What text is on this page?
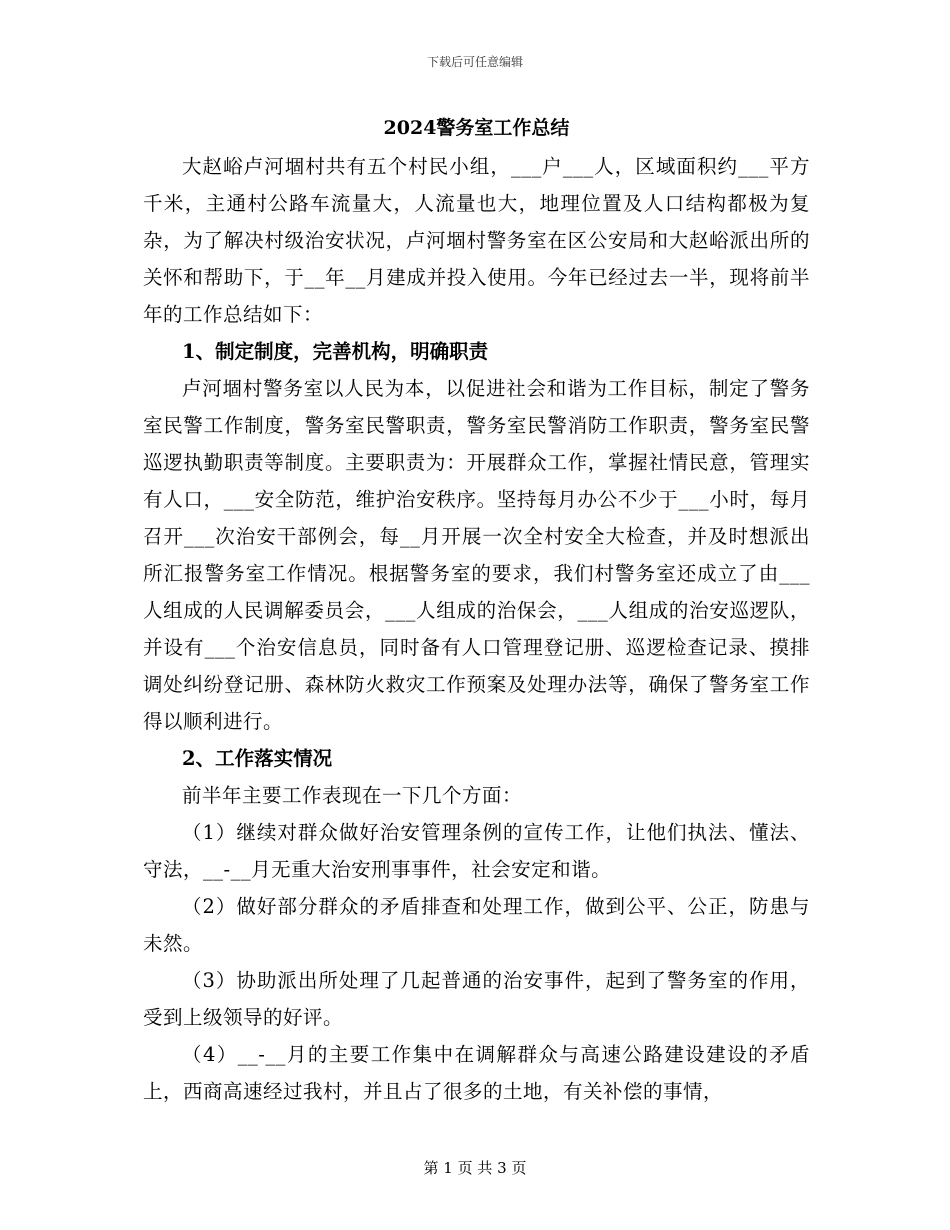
下载后可任意编辑
2024警务室工作总结

大赵峪卢河堌村共有五个村民小组，___户___人，区域面积约___平方千米，主通村公路车流量大，人流量也大，地理位置及人口结构都极为复杂，为了解决村级治安状况，卢河堌村警务室在区公安局和大赵峪派出所的关怀和帮助下，于__年__月建成并投入使用。今年已经过去一半，现将前半年的工作总结如下：

1、制定制度，完善机构，明确职责

卢河堌村警务室以人民为本，以促进社会和谐为工作目标，制定了警务室民警工作制度，警务室民警职责，警务室民警消防工作职责，警务室民警巡逻执勤职责等制度。主要职责为：开展群众工作，掌握社情民意，管理实有人口，___安全防范，维护治安秩序。坚持每月办公不少于___小时，每月召开___次治安干部例会，每__月开展一次全村安全大检查，并及时想派出所汇报警务室工作情况。根据警务室的要求，我们村警务室还成立了由___人组成的人民调解委员会，___人组成的治保会，___人组成的治安巡逻队，并设有___个治安信息员，同时备有人口管理登记册、巡逻检查记录、摸排调处纠纷登记册、森林防火救灾工作预案及处理办法等，确保了警务室工作得以顺利进行。

2、工作落实情况

前半年主要工作表现在一下几个方面：

（1）继续对群众做好治安管理条例的宣传工作，让他们执法、懂法、守法，__-__月无重大治安刑事事件，社会安定和谐。

（2）做好部分群众的矛盾排查和处理工作，做到公平、公正，防患与未然。

（3）协助派出所处理了几起普通的治安事件，起到了警务室的作用，受到上级领导的好评。

（4）__-__月的主要工作集中在调解群众与高速公路建设建设的矛盾上，西商高速经过我村，并且占了很多的土地，有关补偿的事情，

第 1 页 共 3 页
